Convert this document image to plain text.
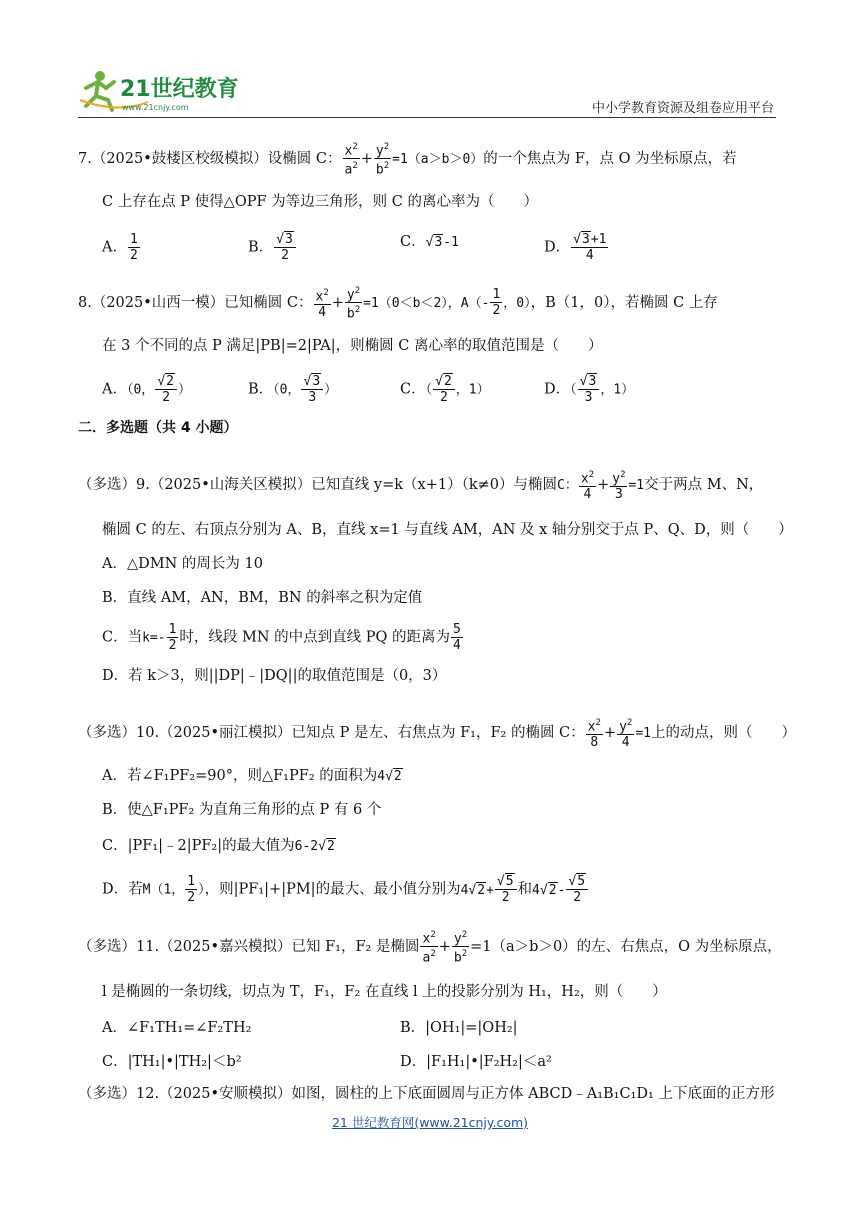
21世纪教育
www.21cnjy.com	中小学教育资源及组卷应用平台
7.（2025•鼓楼区校级模拟）设椭圆 C： $\frac{x^2}{a^2} + \frac{y^2}{b^2} =1(a>b>0)$的一个焦点为 F，点 O 为坐标原点，若
C 上存在点 P 使得△OPF 为等边三角形，则 C 的离心率为（　　）
A． $\frac{1}{2}$	B． $\frac{√3}{2}$	C．√3-1	D． $\frac{√3+1}{4}$
8.（2025•山西一模）已知椭圆 C： $\frac{x^2}{4} + \frac{y^2}{b^2} =1(0<b<2)$，$A(- \frac{1}{2}$ ，0），B（1，0），若椭圆 C 上存
在 3 个不同的点 P 满足|PB|=2|PA|，则椭圆 C 离心率的取值范围是（　　）
A．（0， $\frac{√2}{2}$ ）	B．（0， $\frac{√3}{3}$ ）	C．（ $\frac{√2}{2}$ ，1）	D．（ $\frac{√3}{3}$ ，1）
二．多选题（共 4 小题）
（多选）9.（2025•山海关区模拟）已知直线 y=k（x+1）（k≠0）与椭圆C： $\frac{x^2}{4} + \frac{y^2}{3} =1$交于两点 M、N，
椭圆 C 的左、右顶点分别为 A、B，直线 x=1 与直线 AM，AN 及 x 轴分别交于点 P、Q、D，则（　　）
A．△DMN 的周长为 10
B．直线 AM，AN，BM，BN 的斜率之积为定值
C．当$k=- \frac{1}{2}$ 时，线段 MN 的中点到直线 PQ 的距离为 $\frac{5}{4}$
D．若 k＞3，则||DP|﹣|DQ||的取值范围是（0，3）
（多选）10.（2025•丽江模拟）已知点 P 是左、右焦点为 F₁，F₂ 的椭圆 C： $\frac{x^2}{8} + \frac{y^2}{4} =1$上的动点，则（　　）
A．若∠F₁PF₂=90°，则△F₁PF₂ 的面积为4√2
B．使△F₁PF₂ 为直角三角形的点 P 有 6 个
C．|PF₁|﹣2|PF₂|的最大值为6-2√2
D．若M（1， $\frac{1}{2}$ ），则|PF₁|+|PM|的最大、最小值分别为$4√2+ \frac{√5}{2}$ 和$4√2- \frac{√5}{2}$
（多选）11.（2025•嘉兴模拟）已知 F₁，F₂ 是椭圆 $\frac{x^2}{a^2} + \frac{y^2}{b^2} =1(a>b>0)$的左、右焦点，O 为坐标原点，
l 是椭圆的一条切线，切点为 T，F₁，F₂ 在直线 l 上的投影分别为 H₁，H₂，则（　　）
A．∠F₁TH₁=∠F₂TH₂	B．|OH₁|=|OH₂|
C．|TH₁|•|TH₂|＜b²	D．|F₁H₁|•|F₂H₂|＜a²
（多选）12.（2025•安顺模拟）如图，圆柱的上下底面圆周与正方体 ABCD﹣A₁B₁C₁D₁ 上下底面的正方形
21 世纪教育网(www.21cnjy.com)
